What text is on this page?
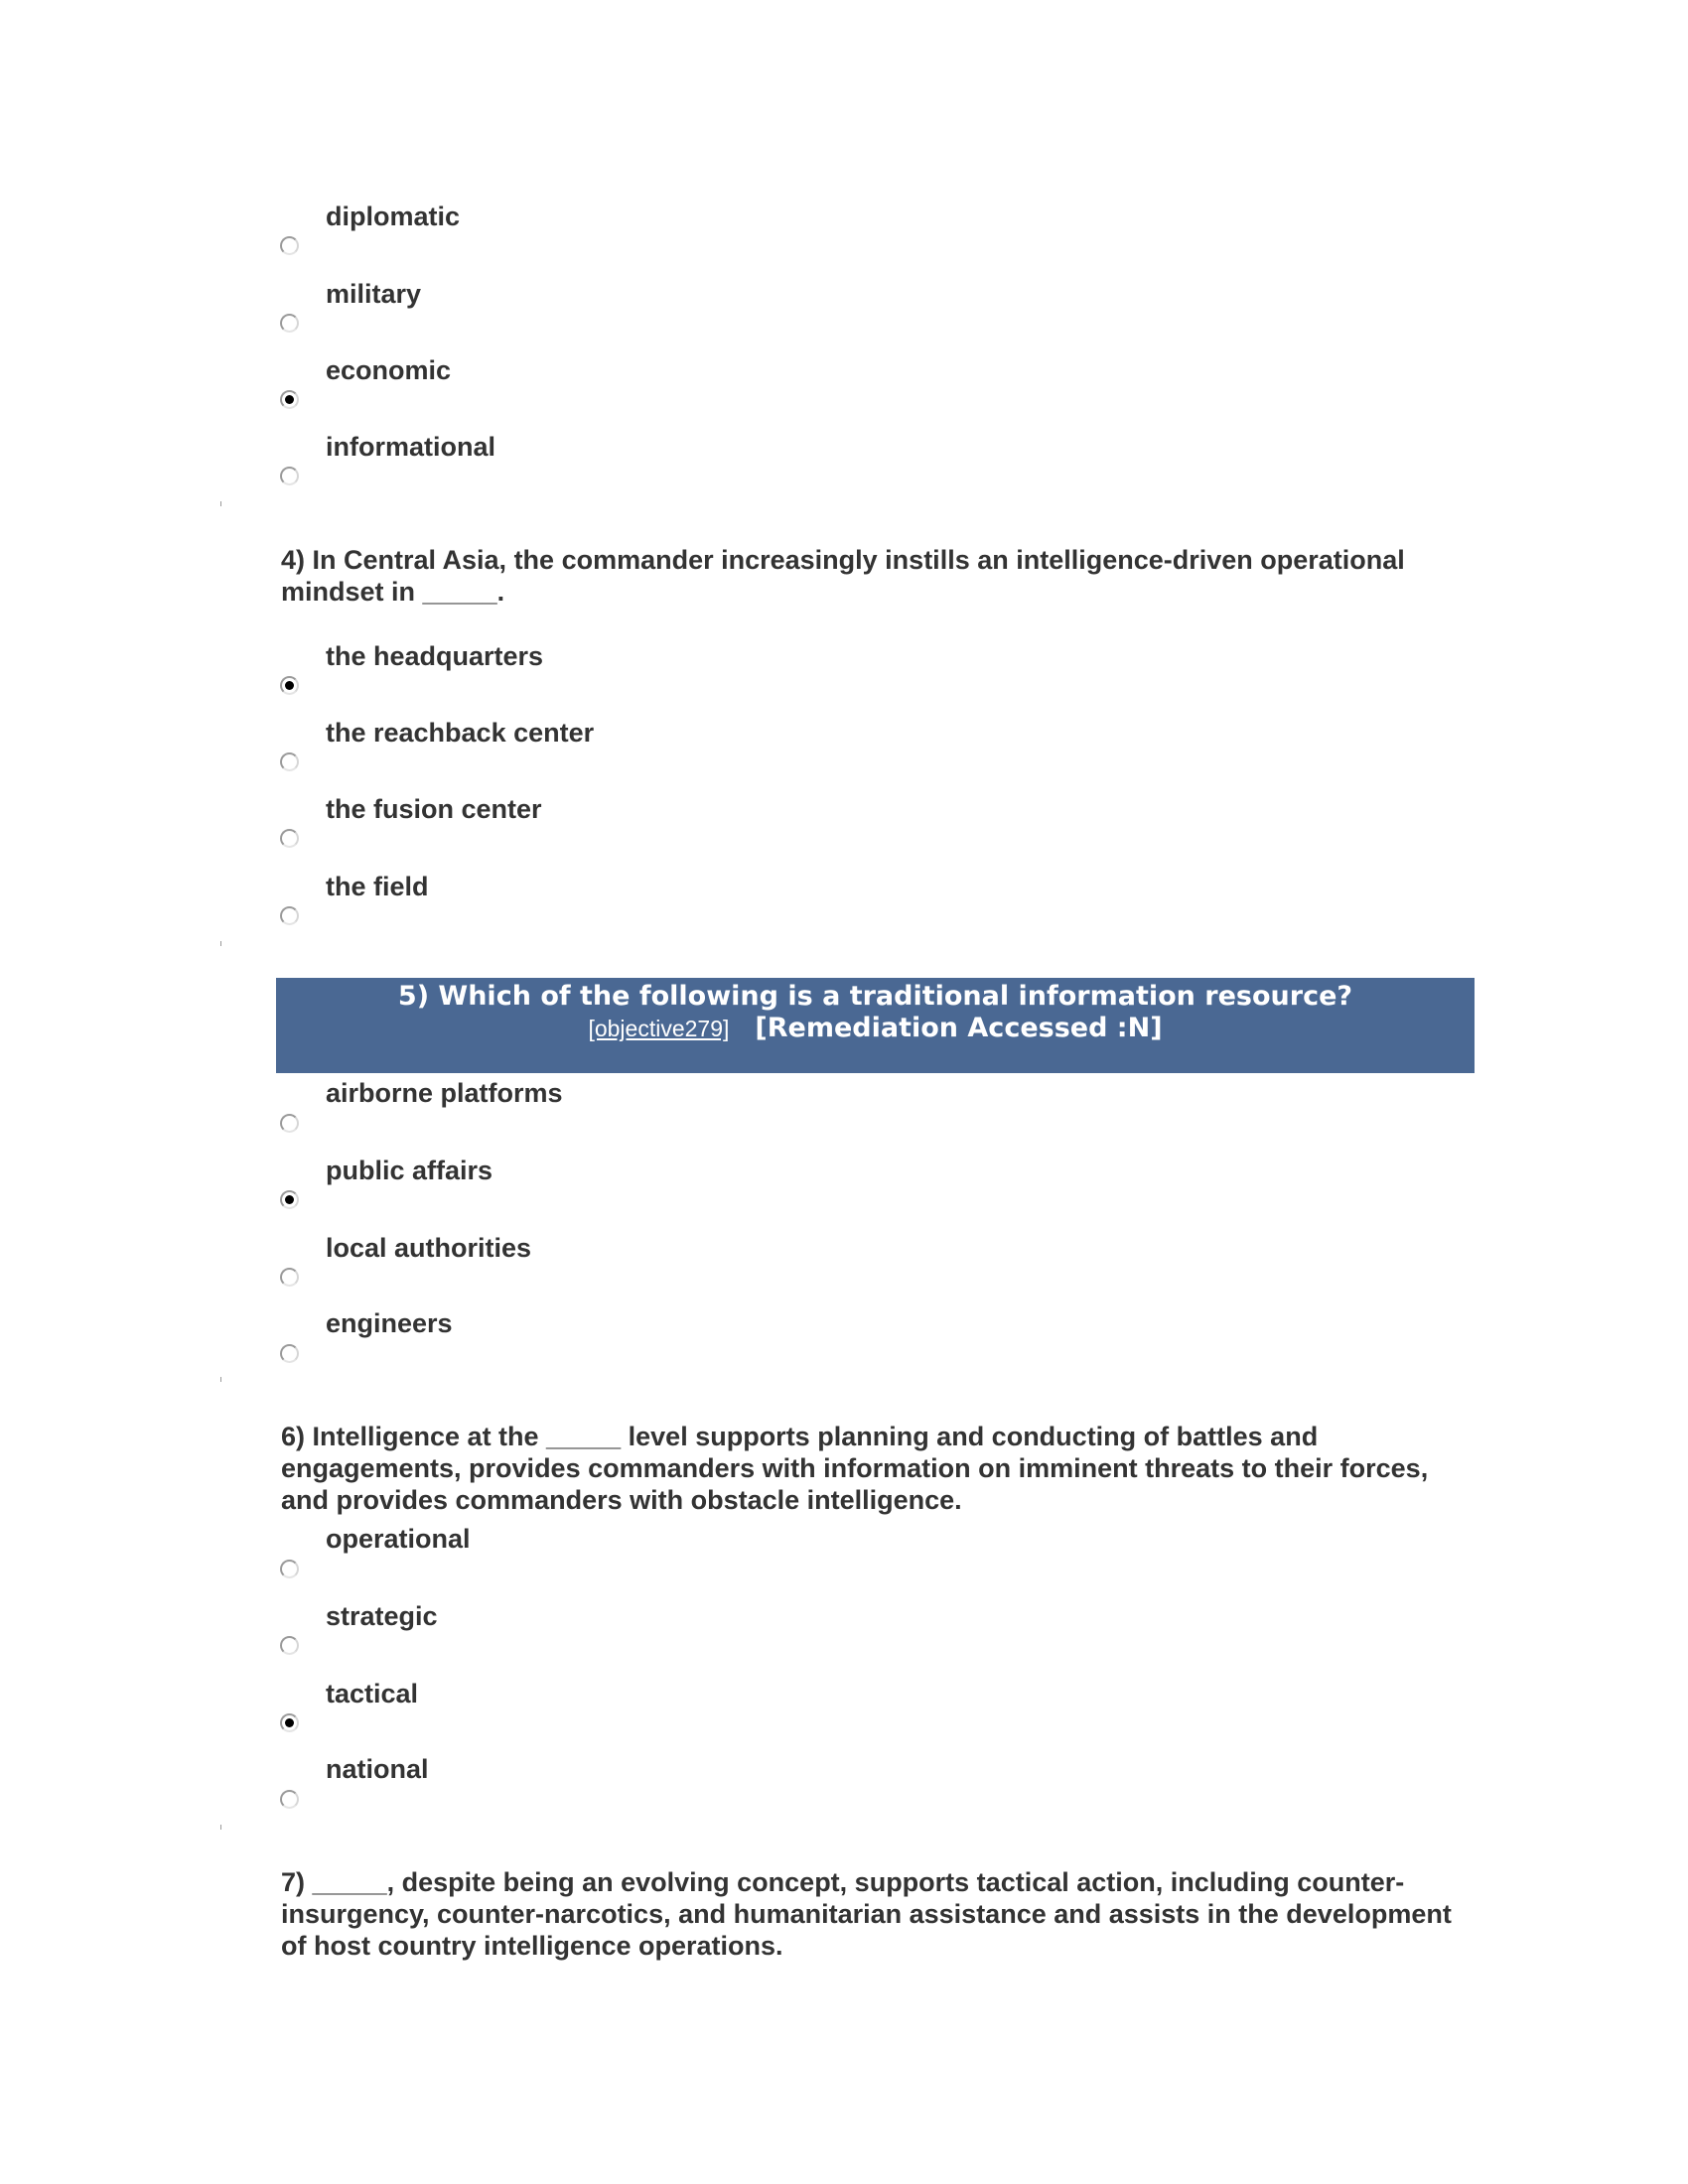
diplomatic
military
economic
informational
4) In Central Asia, the commander increasingly instills an intelligence-driven operational mindset in _____.
the headquarters
the reachback center
the fusion center
the field
5) Which of the following is a traditional information resource?
[objective279] [Remediation Accessed :N]
airborne platforms
public affairs
local authorities
engineers
6) Intelligence at the _____ level supports planning and conducting of battles and engagements, provides commanders with information on imminent threats to their forces, and provides commanders with obstacle intelligence.
operational
strategic
tactical
national
7) _____, despite being an evolving concept, supports tactical action, including counter-insurgency, counter-narcotics, and humanitarian assistance and assists in the development of host country intelligence operations.
